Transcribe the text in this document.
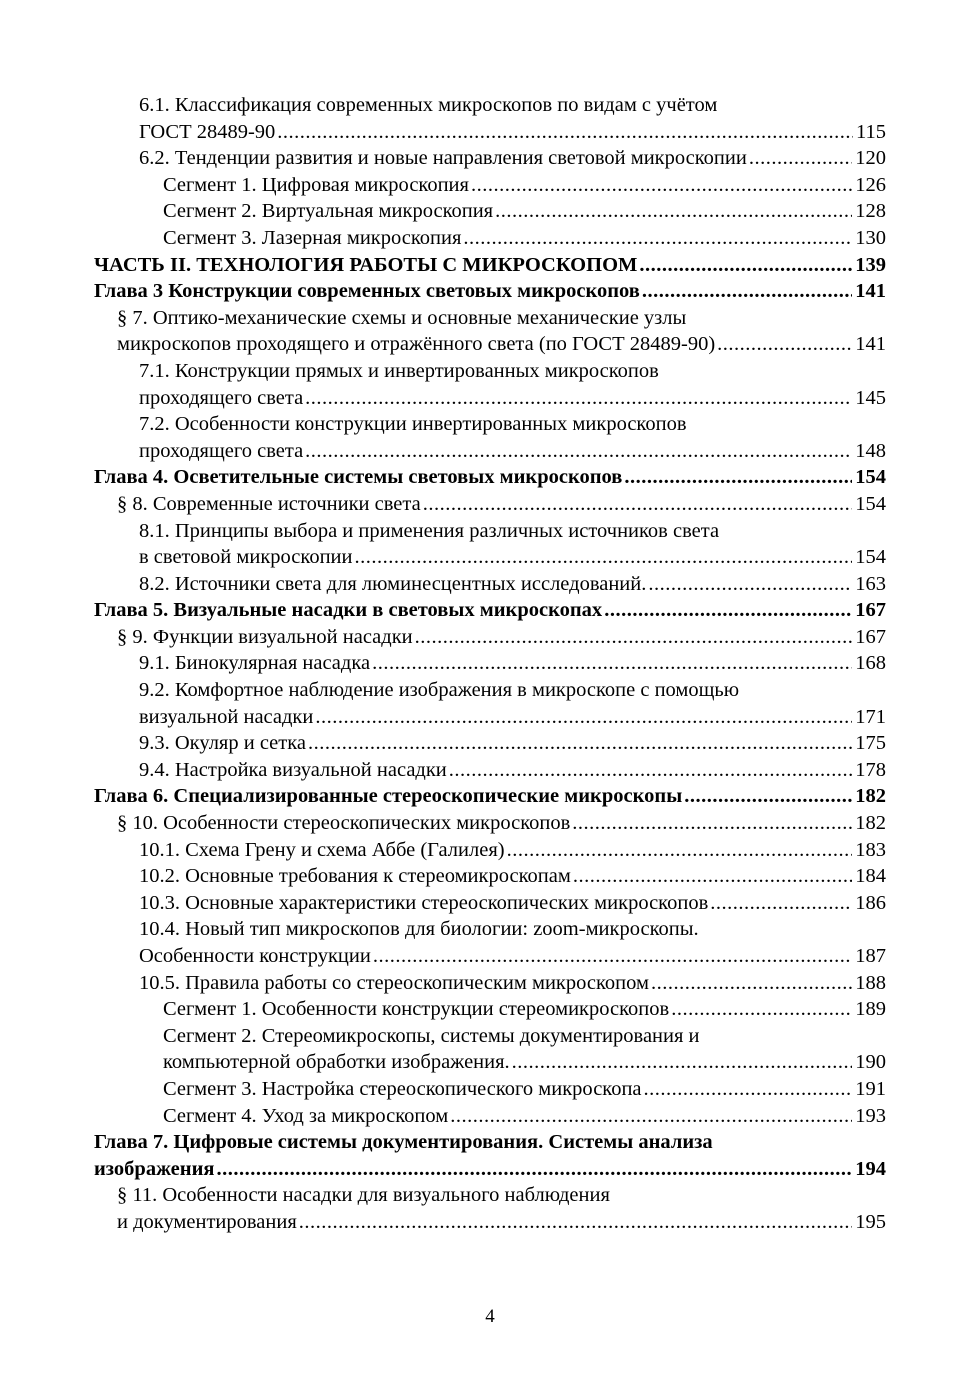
6.1. Классификация современных микроскопов по видам с учётом
ГОСТ 28489-90 .....	115
6.2. Тенденции развития и новые направления световой микроскопии .....	120
Сегмент 1. Цифровая микроскопия .....	126
Сегмент 2. Виртуальная микроскопия .....	128
Сегмент 3. Лазерная микроскопия .....	130
ЧАСТЬ II. ТЕХНОЛОГИЯ РАБОТЫ С МИКРОСКОПОМ .....	139
Глава 3 Конструкции современных световых микроскопов .....	141
§ 7. Оптико-механические схемы и основные механические узлы
микроскопов проходящего и отражённого света (по ГОСТ 28489-90) .....	141
7.1. Конструкции прямых и инвертированных микроскопов
проходящего света .....	145
7.2. Особенности конструкции инвертированных микроскопов
проходящего света .....	148
Глава 4. Осветительные системы световых микроскопов .....	154
§ 8. Современные источники света .....	154
8.1. Принципы выбора и применения различных источников света
в световой микроскопии .....	154
8.2. Источники света для люминесцентных исследований. .....	163
Глава 5. Визуальные насадки в световых микроскопах .....	167
§ 9. Функции визуальной насадки .....	167
9.1. Бинокулярная насадка .....	168
9.2. Комфортное наблюдение изображения в микроскопе с помощью
визуальной насадки .....	171
9.3. Окуляр и сетка .....	175
9.4. Настройка визуальной насадки .....	178
Глава 6. Специализированные стереоскопические микроскопы .....	182
§ 10. Особенности стереоскопических микроскопов .....	182
10.1. Схема Грену и схема Аббе (Галилея) .....	183
10.2. Основные требования к стереомикроскопам .....	184
10.3. Основные характеристики стереоскопических микроскопов .....	186
10.4. Новый тип микроскопов для биологии: zoom-микроскопы.
Особенности конструкции .....	187
10.5. Правила работы со стереоскопическим микроскопом .....	188
Сегмент 1. Особенности конструкции стереомикроскопов .....	189
Сегмент 2. Стереомикроскопы, системы документирования и
компьютерной обработки изображения. .....	190
Сегмент 3. Настройка стереоскопического микроскопа .....	191
Сегмент 4. Уход за микроскопом .....	193
Глава 7. Цифровые системы документирования. Системы анализа
изображения .....	194
§ 11. Особенности насадки для визуального наблюдения
и документирования .....	195
4
